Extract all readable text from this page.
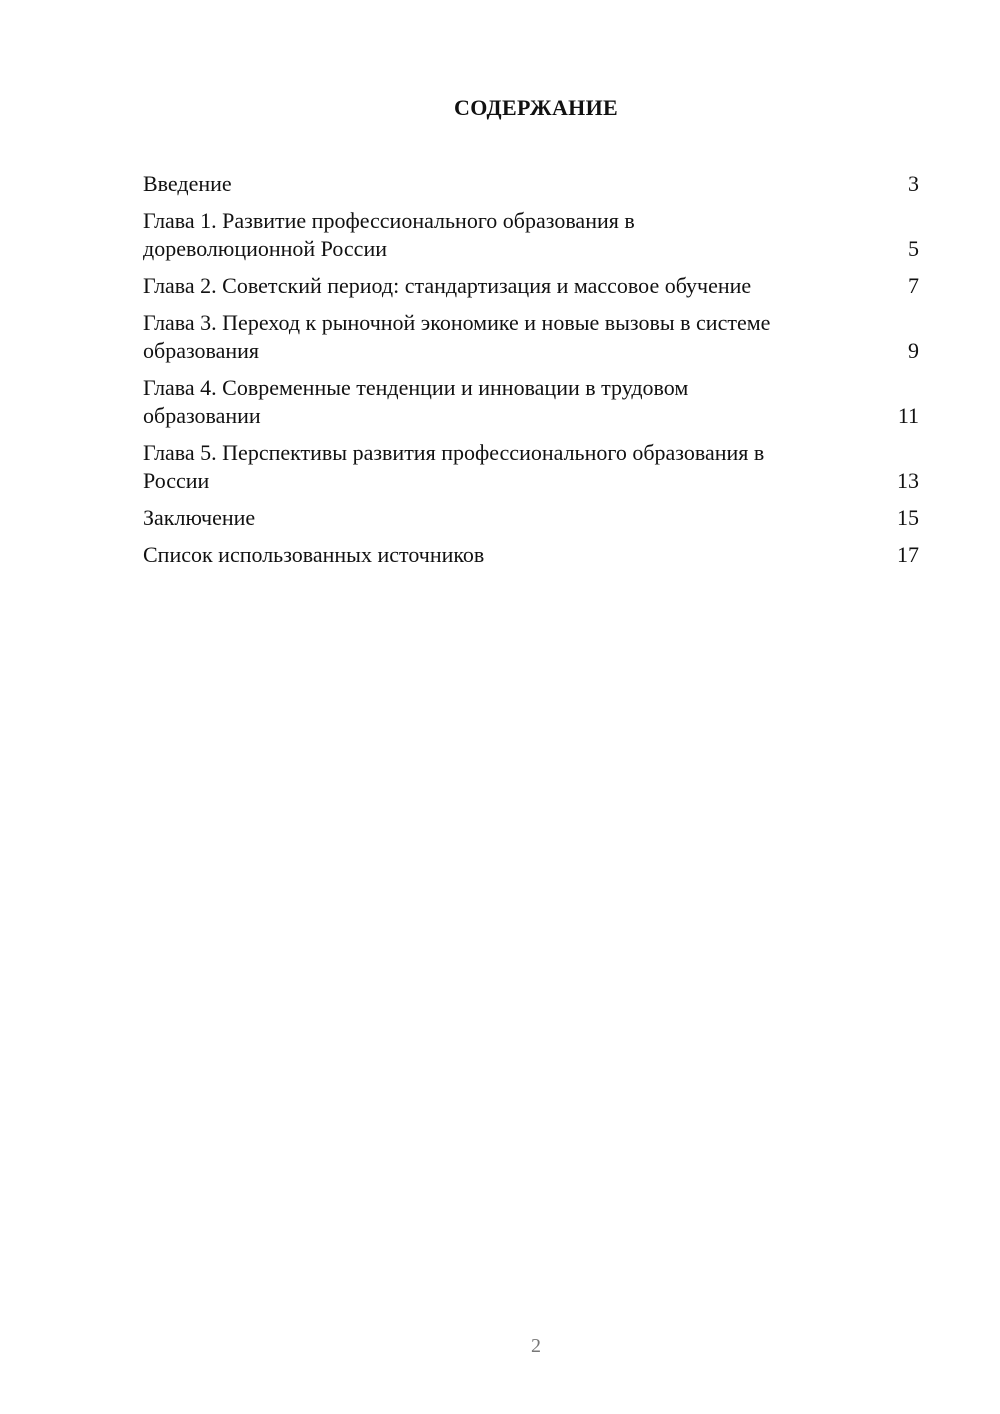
СОДЕРЖАНИЕ
Введение	3
Глава 1. Развитие профессионального образования в дореволюционной России	5
Глава 2. Советский период: стандартизация и массовое обучение	7
Глава 3. Переход к рыночной экономике и новые вызовы в системе образования	9
Глава 4. Современные тенденции и инновации в трудовом образовании	11
Глава 5. Перспективы развития профессионального образования в России	13
Заключение	15
Список использованных источников	17
2
